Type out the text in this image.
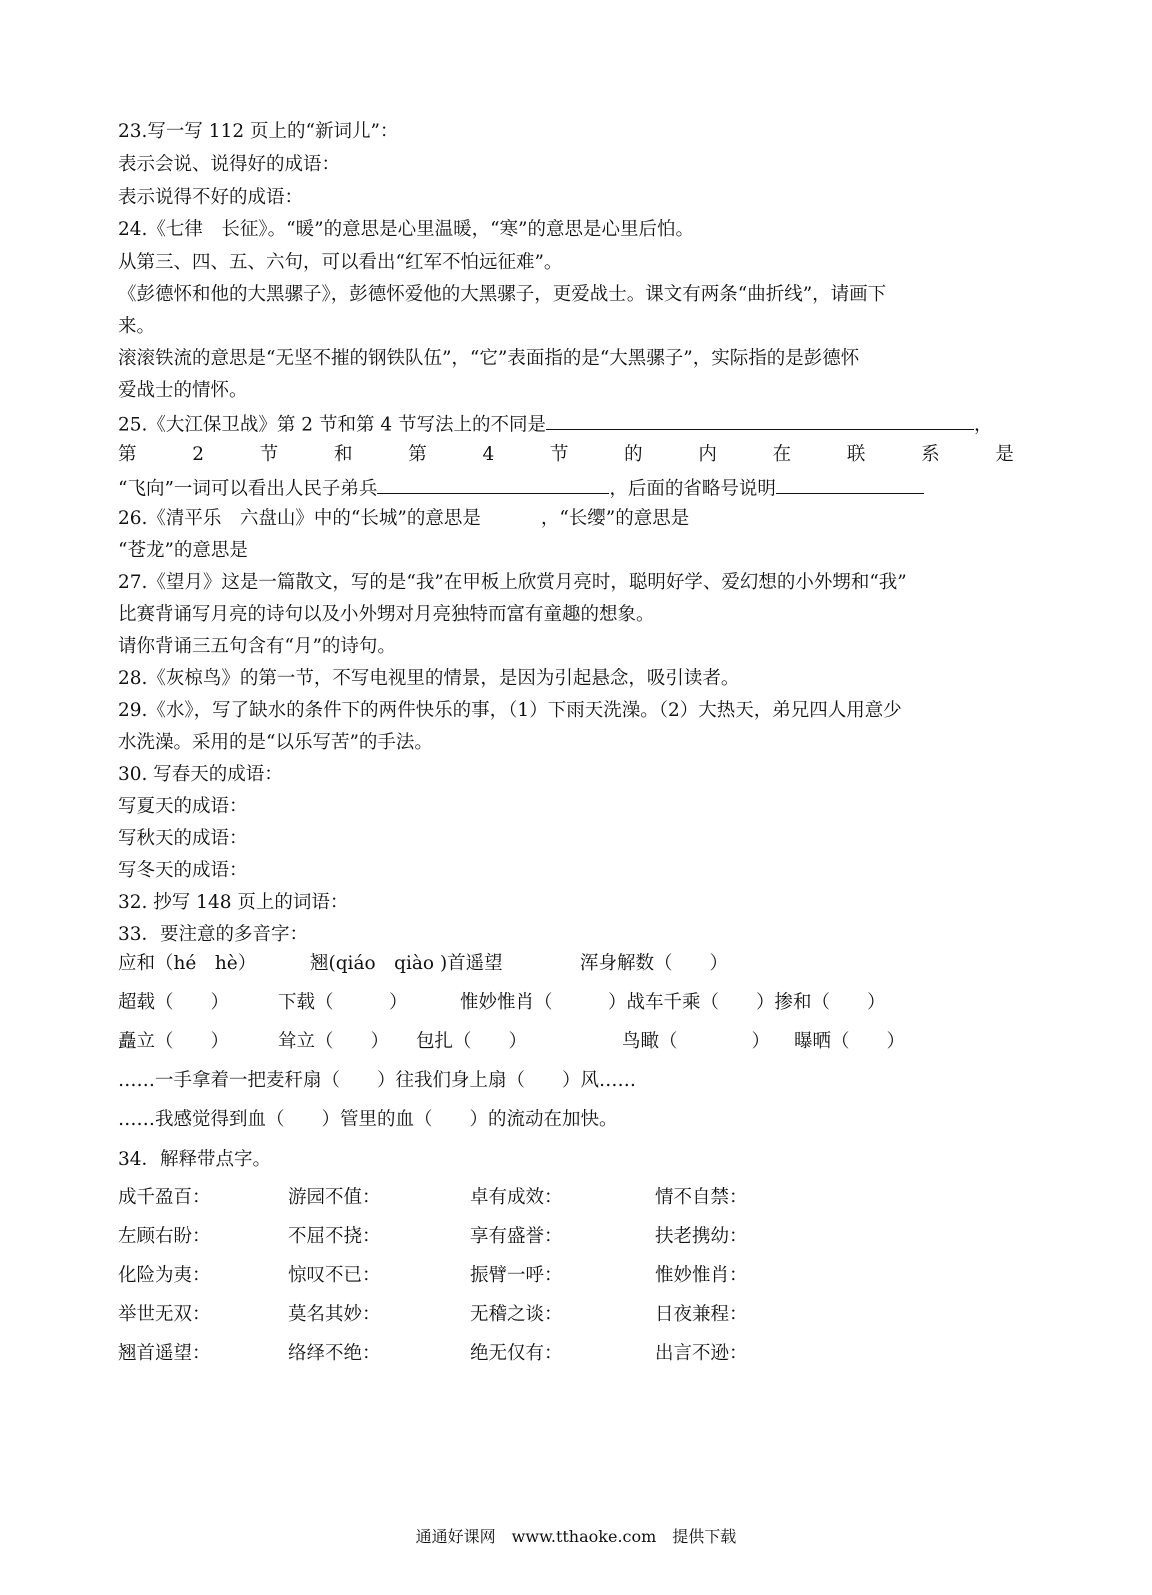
23.写一写 112 页上的“新词儿”：
表示会说、说得好的成语：
表示说得不好的成语：
24.《七律　长征》。“暖”的意思是心里温暖，“寒”的意思是心里后怕。
从第三、四、五、六句，可以看出“红军不怕远征难”。
《彭德怀和他的大黑骡子》，彭德怀爱他的大黑骡子，更爱战士。课文有两条“曲折线”，请画下
来。
滚滚铁流的意思是“无坚不摧的钢铁队伍”，“它”表面指的是“大黑骡子”，实际指的是彭德怀
爱战士的情怀。
25.《大江保卫战》第 2 节和第 4 节写法上的不同是	，
第	2	节	和	第	4	节	的	内	在	联	系	是
“飞向”一词可以看出人民子弟兵	，后面的省略号说明
26.《清平乐　六盘山》中的“长城”的意思是	，“长缨”的意思是
“苍龙”的意思是
27.《望月》这是一篇散文，写的是“我”在甲板上欣赏月亮时，聪明好学、爱幻想的小外甥和“我”
比赛背诵写月亮的诗句以及小外甥对月亮独特而富有童趣的想象。
请你背诵三五句含有“月”的诗句。
28.《灰椋鸟》的第一节，不写电视里的情景，是因为引起悬念，吸引读者。
29.《水》，写了缺水的条件下的两件快乐的事，（1）下雨天洗澡。（2）大热天，弟兄四人用意少
水洗澡。采用的是“以乐写苦”的手法。
30. 写春天的成语：
写夏天的成语：
写秋天的成语：
写冬天的成语：
32. 抄写 148 页上的词语：
33．要注意的多音字：
应和（hé　hè）	翘(qiáo　qiào )首遥望	浑身解数（　　）
超载（　　）	下载（　　　）	惟妙惟肖（　　　）战车千乘（　　）掺和（　　）
矗立（　　）	耸立（　　） 包扎（　　）	鸟瞰（　　　　） 曝晒（　　）
……一手拿着一把麦秆扇（　　）往我们身上扇（　　）风……
……我感觉得到血（　　）管里的血（　　）的流动在加快。
34．解释带点字。
成千盈百：	游园不值：	卓有成效：	情不自禁：
左顾右盼：	不屈不挠：	享有盛誉：	扶老携幼：
化险为夷：	惊叹不已：	振臂一呼：	惟妙惟肖：
举世无双：	莫名其妙：	无稽之谈：	日夜兼程：
翘首遥望：	络绎不绝：	绝无仅有：	出言不逊：
通通好课网　www.tthaoke.com　提供下载
